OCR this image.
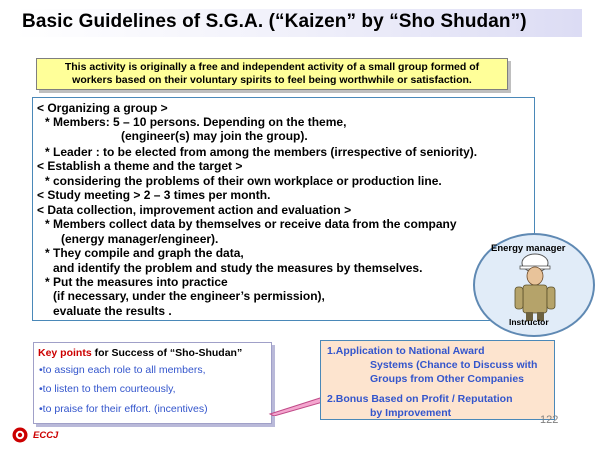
Basic Guidelines of S.G.A. (“Kaizen” by “Sho Shudan”)
This activity is originally a free and independent activity of a small group formed of
workers based on their voluntary spirits to feel being worthwhile or satisfaction.
< Organizing a group >
* Members: 5 – 10 persons. Depending on the theme,
(engineer(s) may join the group).
* Leader : to be elected from among the members (irrespective of seniority).
< Establish a theme and the target >
* considering the problems of their own workplace or production line.
< Study meeting > 2 – 3 times per month.
< Data collection, improvement action and evaluation >
* Members collect data by themselves or receive data from the company
(energy manager/engineer).
* They compile and graph the data,
and identify the problem and study the measures by themselves.
* Put the measures into practice
(if necessary, under the engineer’s permission),
evaluate the results .
Energy manager
Instructor
Key points for Success of “Sho-Shudan”
•to assign each role to all members,
•to listen to them courteously,
•to praise for their effort. (incentives)
1.Application to National Award
Systems (Chance to Discuss with
Groups from Other Companies
2.Bonus Based on Profit / Reputation
by Improvement
122
ECCJ
